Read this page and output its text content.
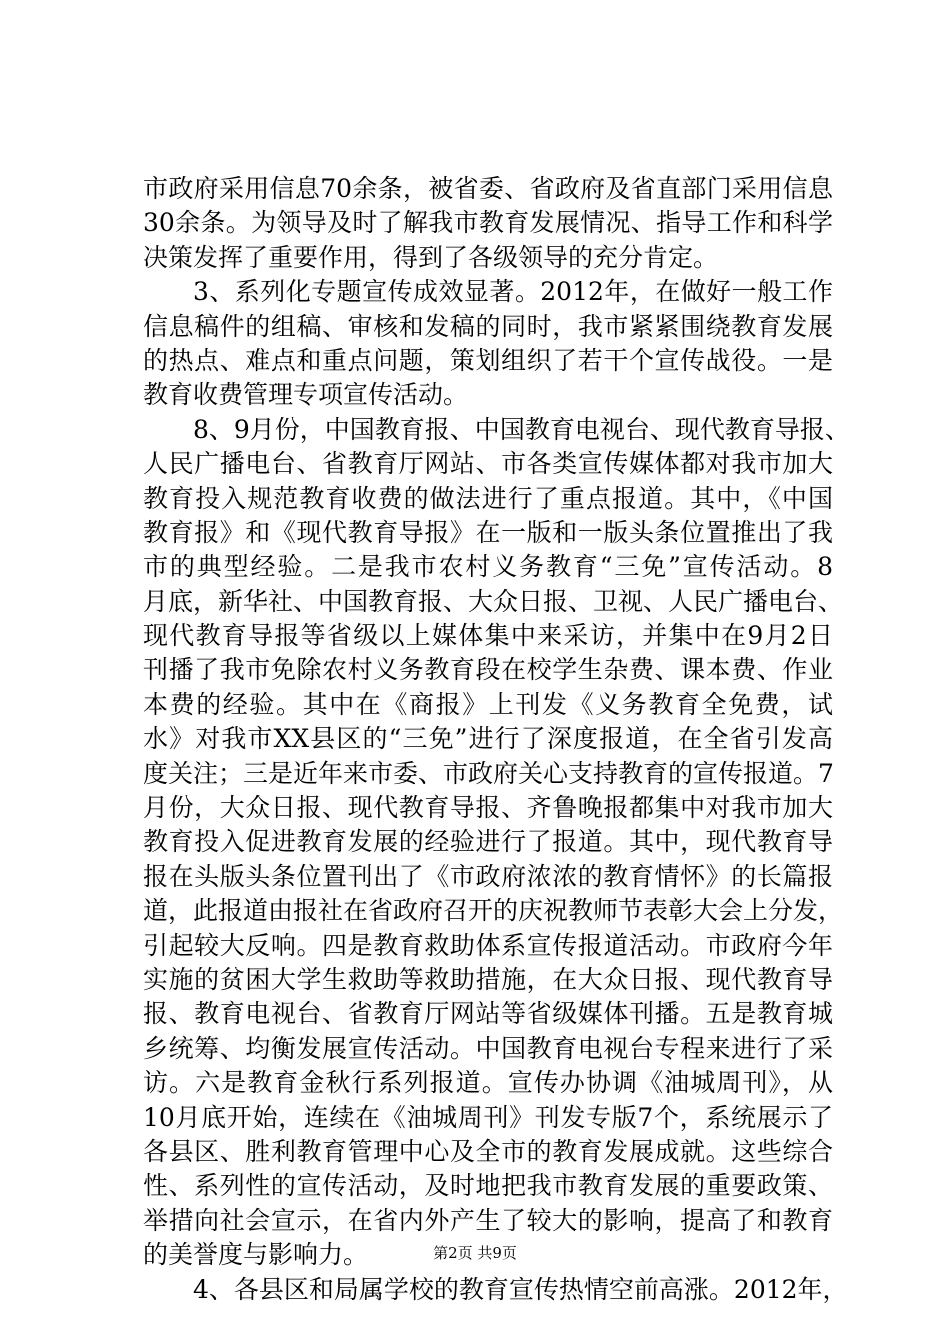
市政府采用信息70余条，被省委、省政府及省直部门采用信息
30余条。为领导及时了解我市教育发展情况、指导工作和科学
决策发挥了重要作用，得到了各级领导的充分肯定。
3、系列化专题宣传成效显著。2012年，在做好一般工作
信息稿件的组稿、审核和发稿的同时，我市紧紧围绕教育发展
的热点、难点和重点问题，策划组织了若干个宣传战役。一是
教育收费管理专项宣传活动。
8、9月份，中国教育报、中国教育电视台、现代教育导报、
人民广播电台、省教育厅网站、市各类宣传媒体都对我市加大
教育投入规范教育收费的做法进行了重点报道。其中，《中国
教育报》和《现代教育导报》在一版和一版头条位置推出了我
市的典型经验。二是我市农村义务教育“三免”宣传活动。8
月底，新华社、中国教育报、大众日报、卫视、人民广播电台、
现代教育导报等省级以上媒体集中来采访，并集中在9月2日
刊播了我市免除农村义务教育段在校学生杂费、课本费、作业
本费的经验。其中在《商报》上刊发《义务教育全免费，试
水》对我市XX县区的“三免”进行了深度报道，在全省引发高
度关注；三是近年来市委、市政府关心支持教育的宣传报道。7
月份，大众日报、现代教育导报、齐鲁晚报都集中对我市加大
教育投入促进教育发展的经验进行了报道。其中，现代教育导
报在头版头条位置刊出了《市政府浓浓的教育情怀》的长篇报
道，此报道由报社在省政府召开的庆祝教师节表彰大会上分发，
引起较大反响。四是教育救助体系宣传报道活动。市政府今年
实施的贫困大学生救助等救助措施，在大众日报、现代教育导
报、教育电视台、省教育厅网站等省级媒体刊播。五是教育城
乡统筹、均衡发展宣传活动。中国教育电视台专程来进行了采
访。六是教育金秋行系列报道。宣传办协调《油城周刊》，从
10月底开始，连续在《油城周刊》刊发专版7个，系统展示了
各县区、胜利教育管理中心及全市的教育发展成就。这些综合
性、系列性的宣传活动，及时地把我市教育发展的重要政策、
举措向社会宣示，在省内外产生了较大的影响，提高了和教育
的美誉度与影响力。
4、各县区和局属学校的教育宣传热情空前高涨。2012年，
第2页 共9页
